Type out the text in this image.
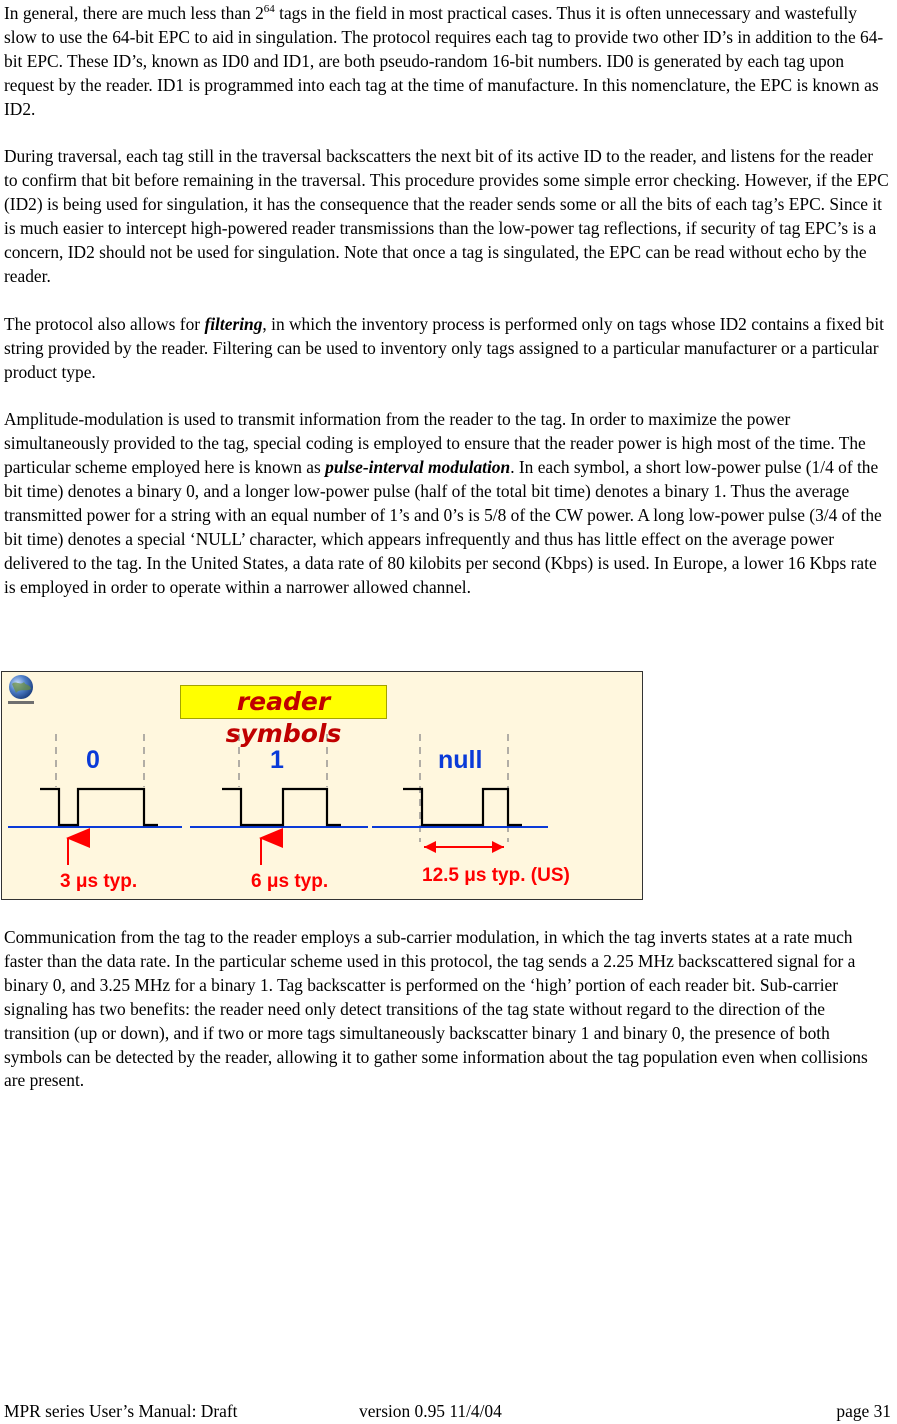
In general, there are much less than $2^{64}$ tags in the field in most practical cases. Thus it is often unnecessary and wastefully slow to use the 64-bit EPC to aid in singulation. The protocol requires each tag to provide two other ID’s in addition to the 64-bit EPC. These ID’s, known as ID0 and ID1, are both pseudo-random 16-bit numbers. ID0 is generated by each tag upon request by the reader. ID1 is programmed into each tag at the time of manufacture. In this nomenclature, the EPC is known as ID2.

During traversal, each tag still in the traversal backscatters the next bit of its active ID to the reader, and listens for the reader to confirm that bit before remaining in the traversal. This procedure provides some simple error checking. However, if the EPC (ID2) is being used for singulation, it has the consequence that the reader sends some or all the bits of each tag’s EPC. Since it is much easier to intercept high-powered reader transmissions than the low-power tag reflections, if security of tag EPC’s is a concern, ID2 should not be used for singulation. Note that once a tag is singulated, the EPC can be read without echo by the reader.

The protocol also allows for filtering, in which the inventory process is performed only on tags whose ID2 contains a fixed bit string provided by the reader. Filtering can be used to inventory only tags assigned to a particular manufacturer or a particular product type.

Amplitude-modulation is used to transmit information from the reader to the tag. In order to maximize the power simultaneously provided to the tag, special coding is employed to ensure that the reader power is high most of the time. The particular scheme employed here is known as pulse-interval modulation. In each symbol, a short low-power pulse (1/4 of the bit time) denotes a binary 0, and a longer low-power pulse (half of the total bit time) denotes a binary 1. Thus the average transmitted power for a string with an equal number of 1’s and 0’s is 5/8 of the CW power. A long low-power pulse (3/4 of the bit time) denotes a special ‘NULL’ character, which appears infrequently and thus has little effect on the average power delivered to the tag. In the United States, a data rate of 80 kilobits per second (Kbps) is used. In Europe, a lower 16 Kbps rate is employed in order to operate within a narrower allowed channel.

reader symbols
0	1	null
3 μs typ.	6 μs typ.	12.5 μs typ. (US)

Communication from the tag to the reader employs a sub-carrier modulation, in which the tag inverts states at a rate much faster than the data rate. In the particular scheme used in this protocol, the tag sends a 2.25 MHz backscattered signal for a binary 0, and 3.25 MHz for a binary 1. Tag backscatter is performed on the ‘high’ portion of each reader bit. Sub-carrier signaling has two benefits: the reader need only detect transitions of the tag state without regard to the direction of the transition (up or down), and if two or more tags simultaneously backscatter binary 1 and binary 0, the presence of both symbols can be detected by the reader, allowing it to gather some information about the tag population even when collisions are present.

MPR series User’s Manual: Draft	version 0.95 11/4/04	page 31
